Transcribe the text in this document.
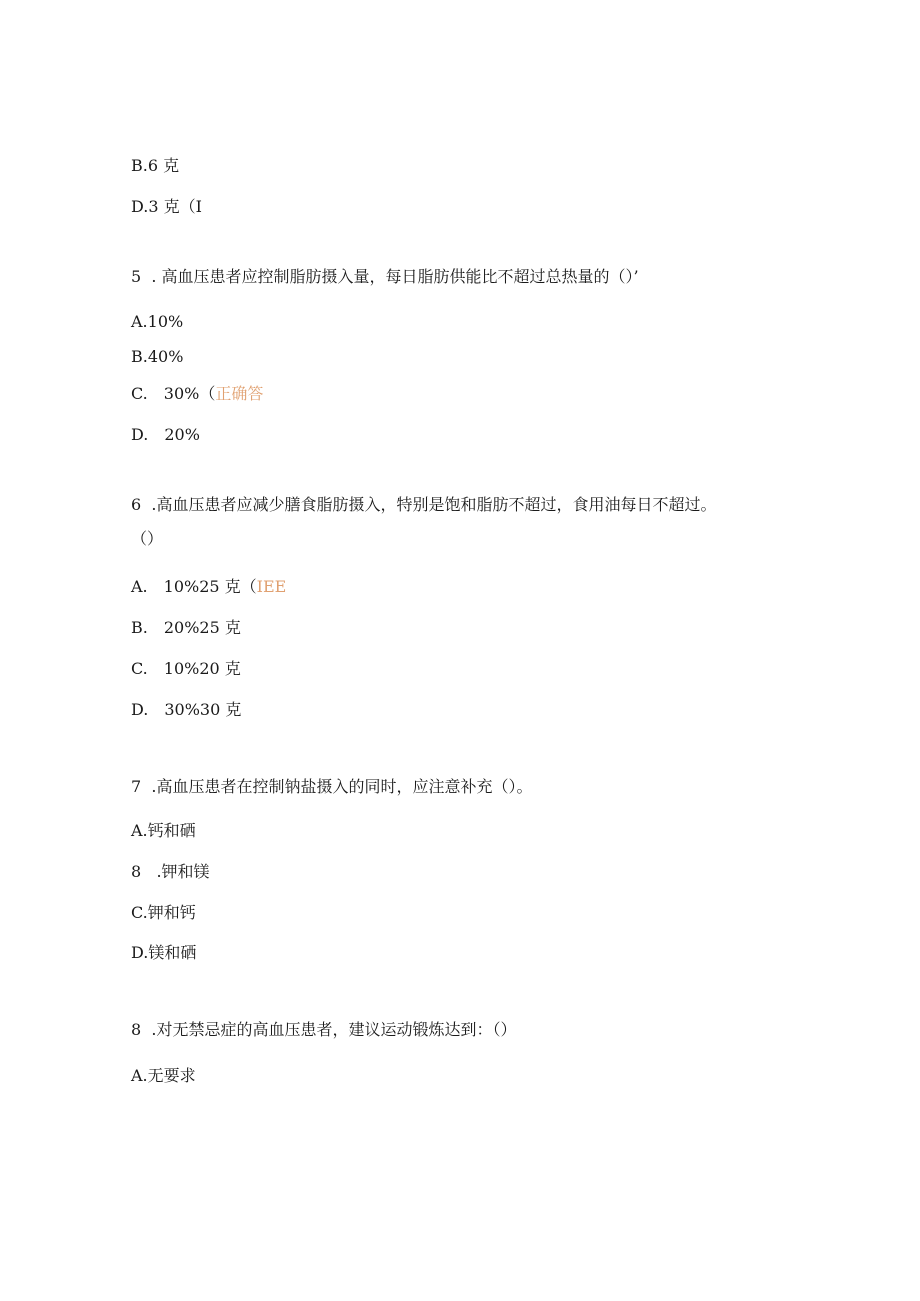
B.6 克
D.3 克（I
5  . 高血压患者应控制脂肪摄入量，每日脂肪供能比不超过总热量的（）’
A.10%
B.40%
C. 30%（正确答
D. 20%
6  .高血压患者应减少膳食脂肪摄入，特别是饱和脂肪不超过，食用油每日不超过。
（）
A. 10%25 克（IEE
B. 20%25 克
C. 10%20 克
D. 30%30 克
7  .高血压患者在控制钠盐摄入的同时，应注意补充（）。
A.钙和硒
8   .钾和镁
C.钾和钙
D.镁和硒
8  .对无禁忌症的高血压患者，建议运动锻炼达到：（）
A.无要求
